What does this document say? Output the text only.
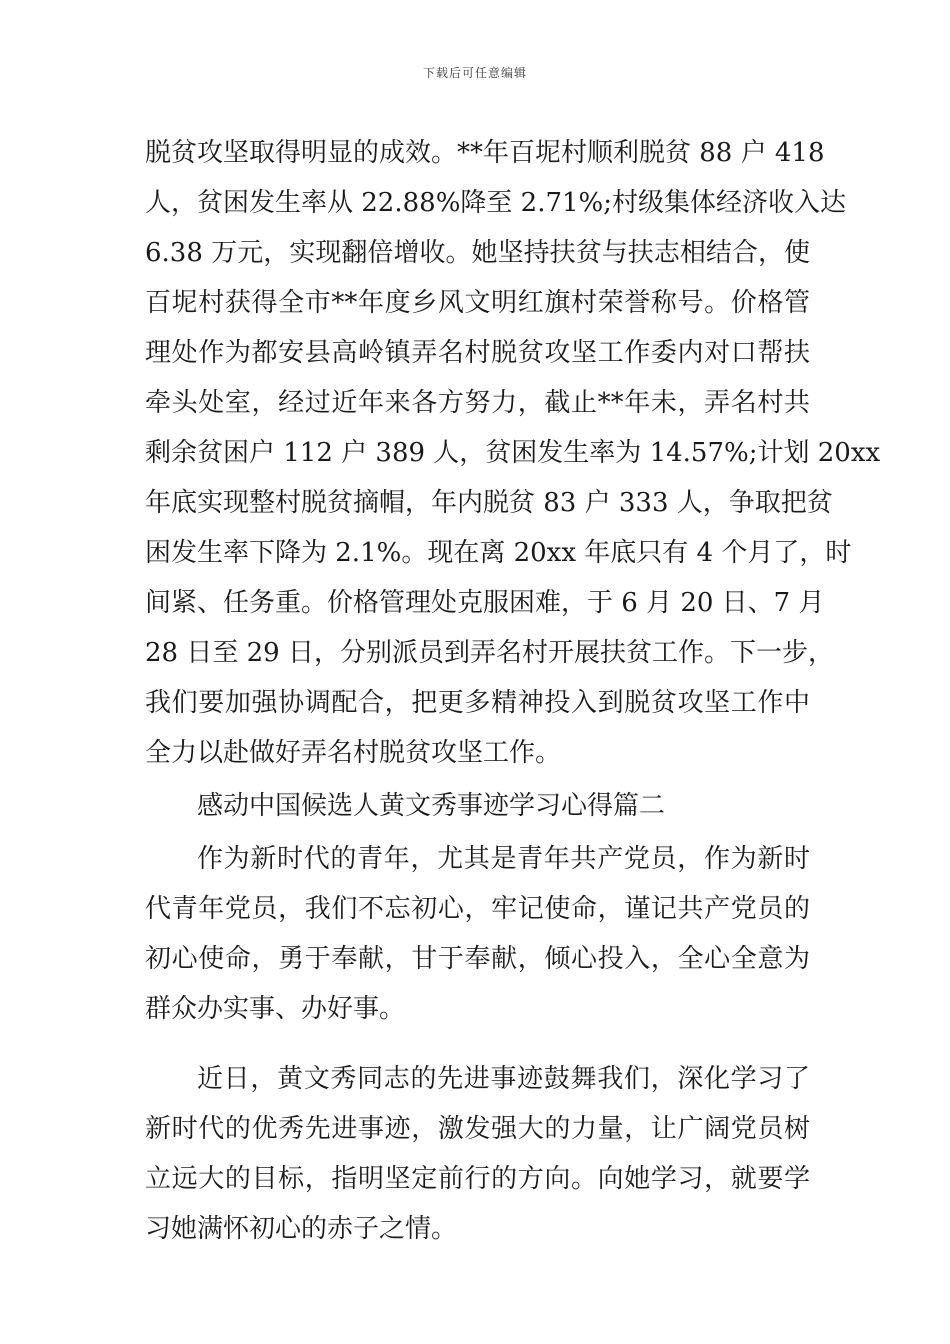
下载后可任意编辑
脱贫攻坚取得明显的成效。**年百坭村顺利脱贫 88 户 418
人，贫困发生率从 22.88%降至 2.71%;村级集体经济收入达
6.38 万元，实现翻倍增收。她坚持扶贫与扶志相结合，使
百坭村获得全市**年度乡风文明红旗村荣誉称号。价格管
理处作为都安县高岭镇弄名村脱贫攻坚工作委内对口帮扶
牵头处室，经过近年来各方努力，截止**年未，弄名村共
剩余贫困户 112 户 389 人，贫困发生率为 14.57%;计划 20xx
年底实现整村脱贫摘帽，年内脱贫 83 户 333 人，争取把贫
困发生率下降为 2.1%。现在离 20xx 年底只有 4 个月了，时
间紧、任务重。价格管理处克服困难，于 6 月 20 日、7 月
28 日至 29 日，分别派员到弄名村开展扶贫工作。下一步，
我们要加强协调配合，把更多精神投入到脱贫攻坚工作中
全力以赴做好弄名村脱贫攻坚工作。
感动中国候选人黄文秀事迹学习心得篇二
作为新时代的青年，尤其是青年共产党员，作为新时
代青年党员，我们不忘初心，牢记使命，谨记共产党员的
初心使命，勇于奉献，甘于奉献，倾心投入，全心全意为
群众办实事、办好事。
近日，黄文秀同志的先进事迹鼓舞我们，深化学习了
新时代的优秀先进事迹，激发强大的力量，让广阔党员树
立远大的目标，指明坚定前行的方向。向她学习，就要学
习她满怀初心的赤子之情。
